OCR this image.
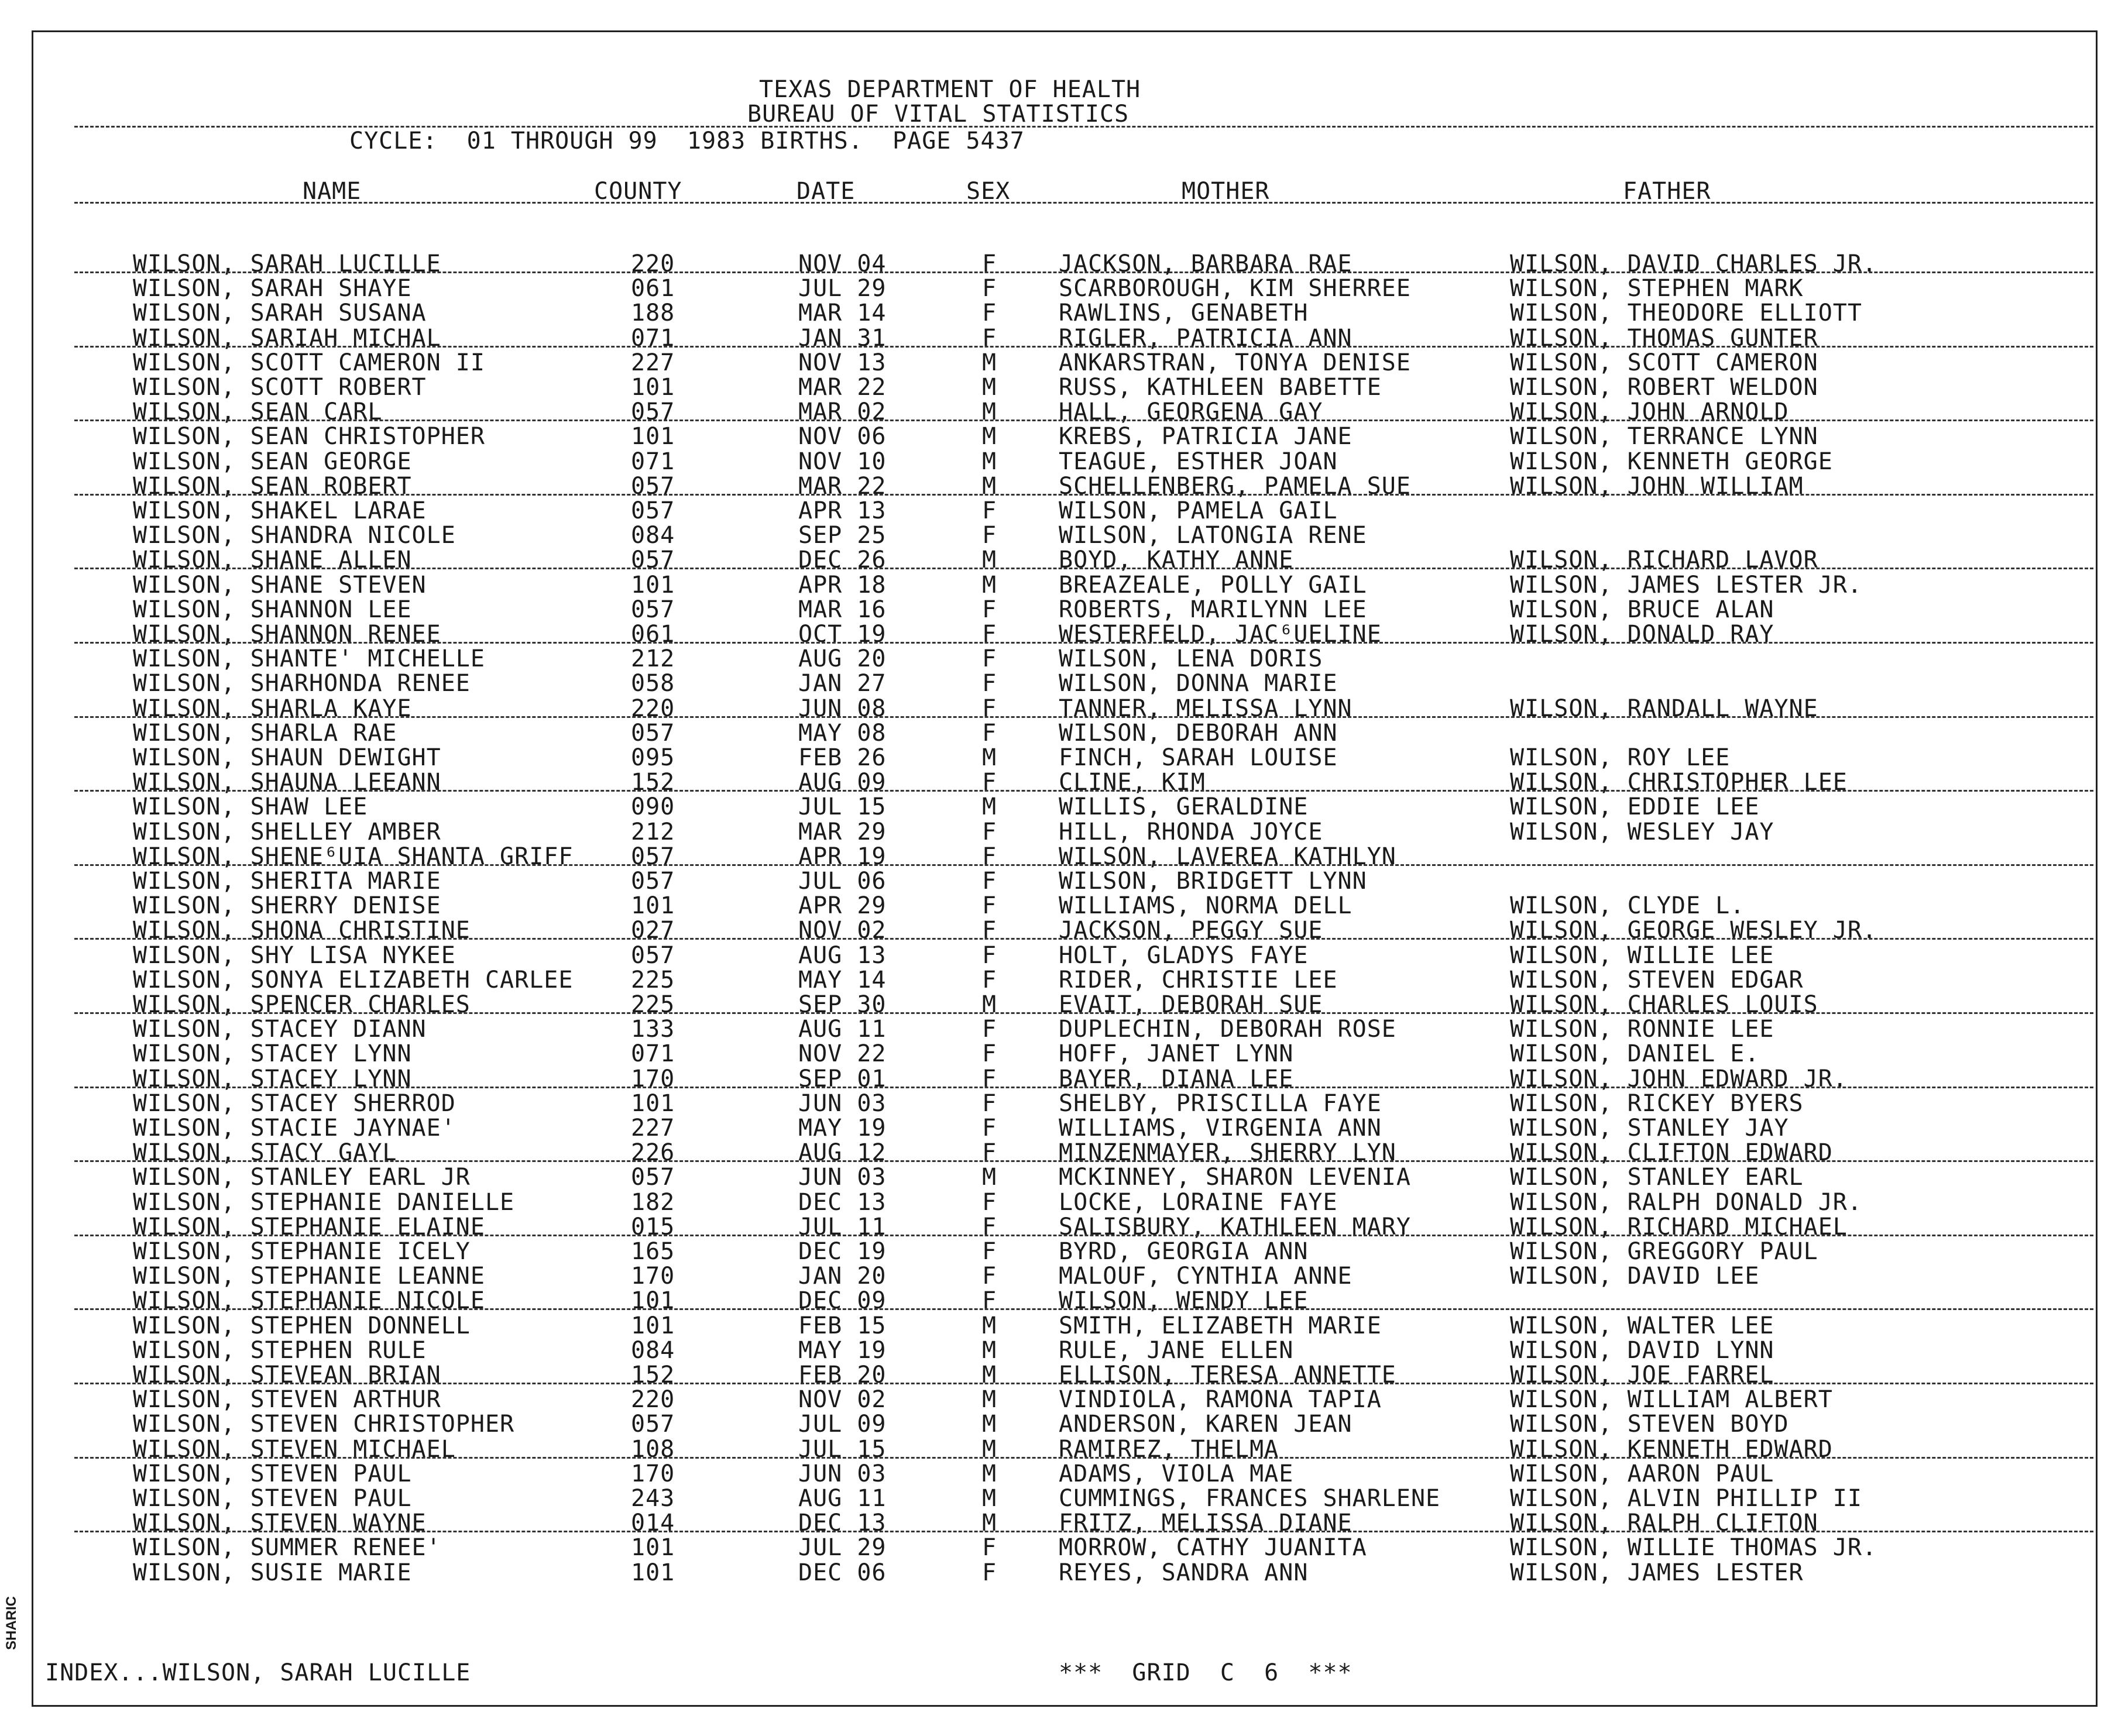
TEXAS DEPARTMENT OF HEALTH
BUREAU OF VITAL STATISTICS
CYCLE:  01 THROUGH 99  1983 BIRTHS.  PAGE 5437
NAME	COUNTY	DATE	SEX	MOTHER	FATHER
WILSON, SARAH LUCILLE	220	NOV 04	F	JACKSON, BARBARA RAE	WILSON, DAVID CHARLES JR.
WILSON, SARAH SHAYE	061	JUL 29	F	SCARBOROUGH, KIM SHERREE	WILSON, STEPHEN MARK
WILSON, SARAH SUSANA	188	MAR 14	F	RAWLINS, GENABETH	WILSON, THEODORE ELLIOTT
WILSON, SARIAH MICHAL	071	JAN 31	F	RIGLER, PATRICIA ANN	WILSON, THOMAS GUNTER
WILSON, SCOTT CAMERON II	227	NOV 13	M	ANKARSTRAN, TONYA DENISE	WILSON, SCOTT CAMERON
WILSON, SCOTT ROBERT	101	MAR 22	M	RUSS, KATHLEEN BABETTE	WILSON, ROBERT WELDON
WILSON, SEAN CARL	057	MAR 02	M	HALL, GEORGENA GAY	WILSON, JOHN ARNOLD
WILSON, SEAN CHRISTOPHER	101	NOV 06	M	KREBS, PATRICIA JANE	WILSON, TERRANCE LYNN
WILSON, SEAN GEORGE	071	NOV 10	M	TEAGUE, ESTHER JOAN	WILSON, KENNETH GEORGE
WILSON, SEAN ROBERT	057	MAR 22	M	SCHELLENBERG, PAMELA SUE	WILSON, JOHN WILLIAM
WILSON, SHAKEL LARAE	057	APR 13	F	WILSON, PAMELA GAIL
WILSON, SHANDRA NICOLE	084	SEP 25	F	WILSON, LATONGIA RENE
WILSON, SHANE ALLEN	057	DEC 26	M	BOYD, KATHY ANNE	WILSON, RICHARD LAVOR
WILSON, SHANE STEVEN	101	APR 18	M	BREAZEALE, POLLY GAIL	WILSON, JAMES LESTER JR.
WILSON, SHANNON LEE	057	MAR 16	F	ROBERTS, MARILYNN LEE	WILSON, BRUCE ALAN
WILSON, SHANNON RENEE	061	OCT 19	F	WESTERFELD, JAC⁶UELINE	WILSON, DONALD RAY
WILSON, SHANTE' MICHELLE	212	AUG 20	F	WILSON, LENA DORIS
WILSON, SHARHONDA RENEE	058	JAN 27	F	WILSON, DONNA MARIE
WILSON, SHARLA KAYE	220	JUN 08	F	TANNER, MELISSA LYNN	WILSON, RANDALL WAYNE
WILSON, SHARLA RAE	057	MAY 08	F	WILSON, DEBORAH ANN
WILSON, SHAUN DEWIGHT	095	FEB 26	M	FINCH, SARAH LOUISE	WILSON, ROY LEE
WILSON, SHAUNA LEEANN	152	AUG 09	F	CLINE, KIM	WILSON, CHRISTOPHER LEE
WILSON, SHAW LEE	090	JUL 15	M	WILLIS, GERALDINE	WILSON, EDDIE LEE
WILSON, SHELLEY AMBER	212	MAR 29	F	HILL, RHONDA JOYCE	WILSON, WESLEY JAY
WILSON, SHENE⁶UIA SHANTA GRIFF 057	APR 19	F	WILSON, LAVEREA KATHLYN
WILSON, SHERITA MARIE	057	JUL 06	F	WILSON, BRIDGETT LYNN
WILSON, SHERRY DENISE	101	APR 29	F	WILLIAMS, NORMA DELL	WILSON, CLYDE L.
WILSON, SHONA CHRISTINE	027	NOV 02	F	JACKSON, PEGGY SUE	WILSON, GEORGE WESLEY JR.
WILSON, SHY LISA NYKEE	057	AUG 13	F	HOLT, GLADYS FAYE	WILSON, WILLIE LEE
WILSON, SONYA ELIZABETH CARLEE 225	MAY 14	F	RIDER, CHRISTIE LEE	WILSON, STEVEN EDGAR
WILSON, SPENCER CHARLES	225	SEP 30	M	EVAIT, DEBORAH SUE	WILSON, CHARLES LOUIS
WILSON, STACEY DIANN	133	AUG 11	F	DUPLECHIN, DEBORAH ROSE	WILSON, RONNIE LEE
WILSON, STACEY LYNN	071	NOV 22	F	HOFF, JANET LYNN	WILSON, DANIEL E.
WILSON, STACEY LYNN	170	SEP 01	F	BAYER, DIANA LEE	WILSON, JOHN EDWARD JR.
WILSON, STACEY SHERROD	101	JUN 03	F	SHELBY, PRISCILLA FAYE	WILSON, RICKEY BYERS
WILSON, STACIE JAYNAE'	227	MAY 19	F	WILLIAMS, VIRGENIA ANN	WILSON, STANLEY JAY
WILSON, STACY GAYL	226	AUG 12	F	MINZENMAYER, SHERRY LYN	WILSON, CLIFTON EDWARD
WILSON, STANLEY EARL JR	057	JUN 03	M	MCKINNEY, SHARON LEVENIA	WILSON, STANLEY EARL
WILSON, STEPHANIE DANIELLE	182	DEC 13	F	LOCKE, LORAINE FAYE	WILSON, RALPH DONALD JR.
WILSON, STEPHANIE ELAINE	015	JUL 11	F	SALISBURY, KATHLEEN MARY	WILSON, RICHARD MICHAEL
WILSON, STEPHANIE ICELY	165	DEC 19	F	BYRD, GEORGIA ANN	WILSON, GREGGORY PAUL
WILSON, STEPHANIE LEANNE	170	JAN 20	F	MALOUF, CYNTHIA ANNE	WILSON, DAVID LEE
WILSON, STEPHANIE NICOLE	101	DEC 09	F	WILSON, WENDY LEE
WILSON, STEPHEN DONNELL	101	FEB 15	M	SMITH, ELIZABETH MARIE	WILSON, WALTER LEE
WILSON, STEPHEN RULE	084	MAY 19	M	RULE, JANE ELLEN	WILSON, DAVID LYNN
WILSON, STEVEAN BRIAN	152	FEB 20	M	ELLISON, TERESA ANNETTE	WILSON, JOE FARREL
WILSON, STEVEN ARTHUR	220	NOV 02	M	VINDIOLA, RAMONA TAPIA	WILSON, WILLIAM ALBERT
WILSON, STEVEN CHRISTOPHER	057	JUL 09	M	ANDERSON, KAREN JEAN	WILSON, STEVEN BOYD
WILSON, STEVEN MICHAEL	108	JUL 15	M	RAMIREZ, THELMA	WILSON, KENNETH EDWARD
WILSON, STEVEN PAUL	170	JUN 03	M	ADAMS, VIOLA MAE	WILSON, AARON PAUL
WILSON, STEVEN PAUL	243	AUG 11	M	CUMMINGS, FRANCES SHARLENE	WILSON, ALVIN PHILLIP II
WILSON, STEVEN WAYNE	014	DEC 13	M	FRITZ, MELISSA DIANE	WILSON, RALPH CLIFTON
WILSON, SUMMER RENEE'	101	JUL 29	F	MORROW, CATHY JUANITA	WILSON, WILLIE THOMAS JR.
WILSON, SUSIE MARIE	101	DEC 06	F	REYES, SANDRA ANN	WILSON, JAMES LESTER
INDEX...WILSON, SARAH LUCILLE	***  GRID  C  6  ***
SHARIC
